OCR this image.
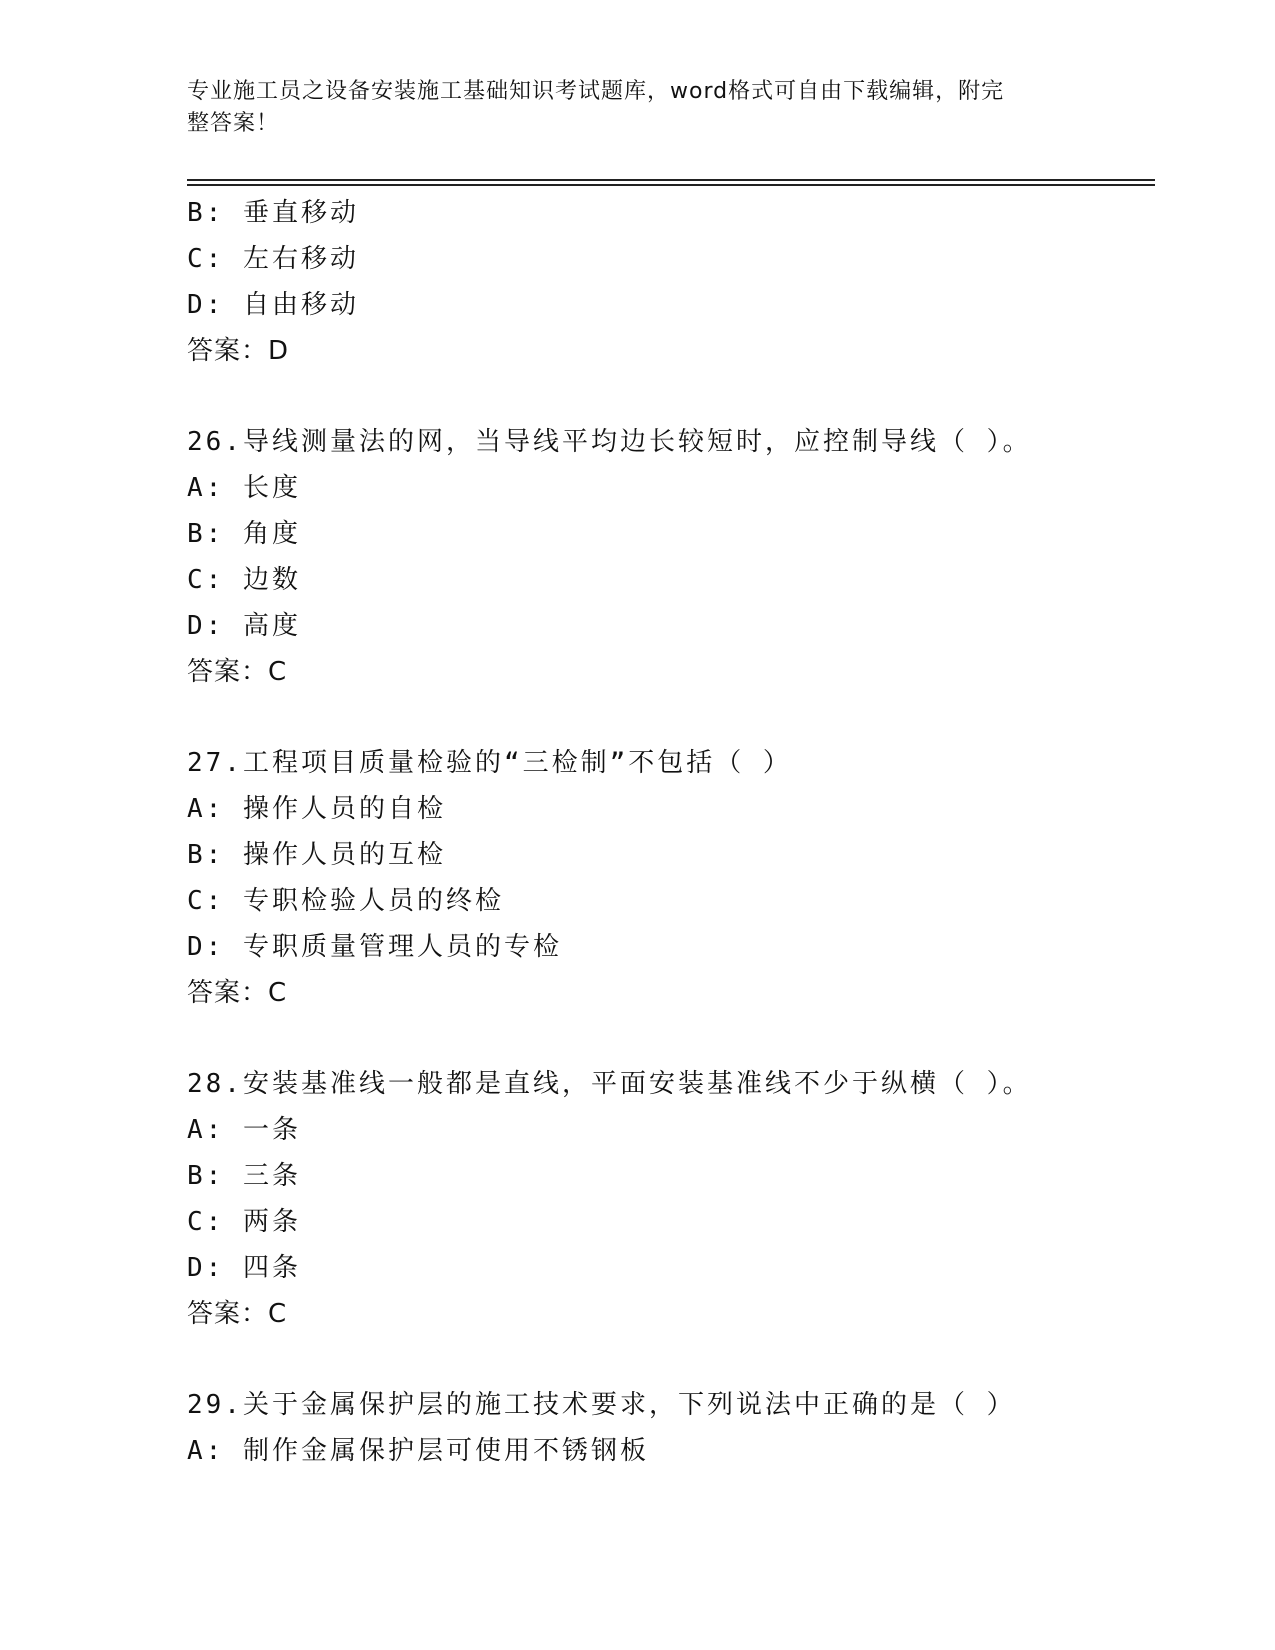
专业施工员之设备安装施工基础知识考试题库，word格式可自由下载编辑，附完
整答案！
B: 垂直移动
C: 左右移动
D: 自由移动
答案：D
26.导线测量法的网，当导线平均边长较短时，应控制导线（ ）。
A: 长度
B: 角度
C: 边数
D: 高度
答案：C
27.工程项目质量检验的“三检制”不包括（ ）
A: 操作人员的自检
B: 操作人员的互检
C: 专职检验人员的终检
D: 专职质量管理人员的专检
答案：C
28.安装基准线一般都是直线，平面安装基准线不少于纵横（ ）。
A: 一条
B: 三条
C: 两条
D: 四条
答案：C
29.关于金属保护层的施工技术要求，下列说法中正确的是（ ）
A: 制作金属保护层可使用不锈钢板
